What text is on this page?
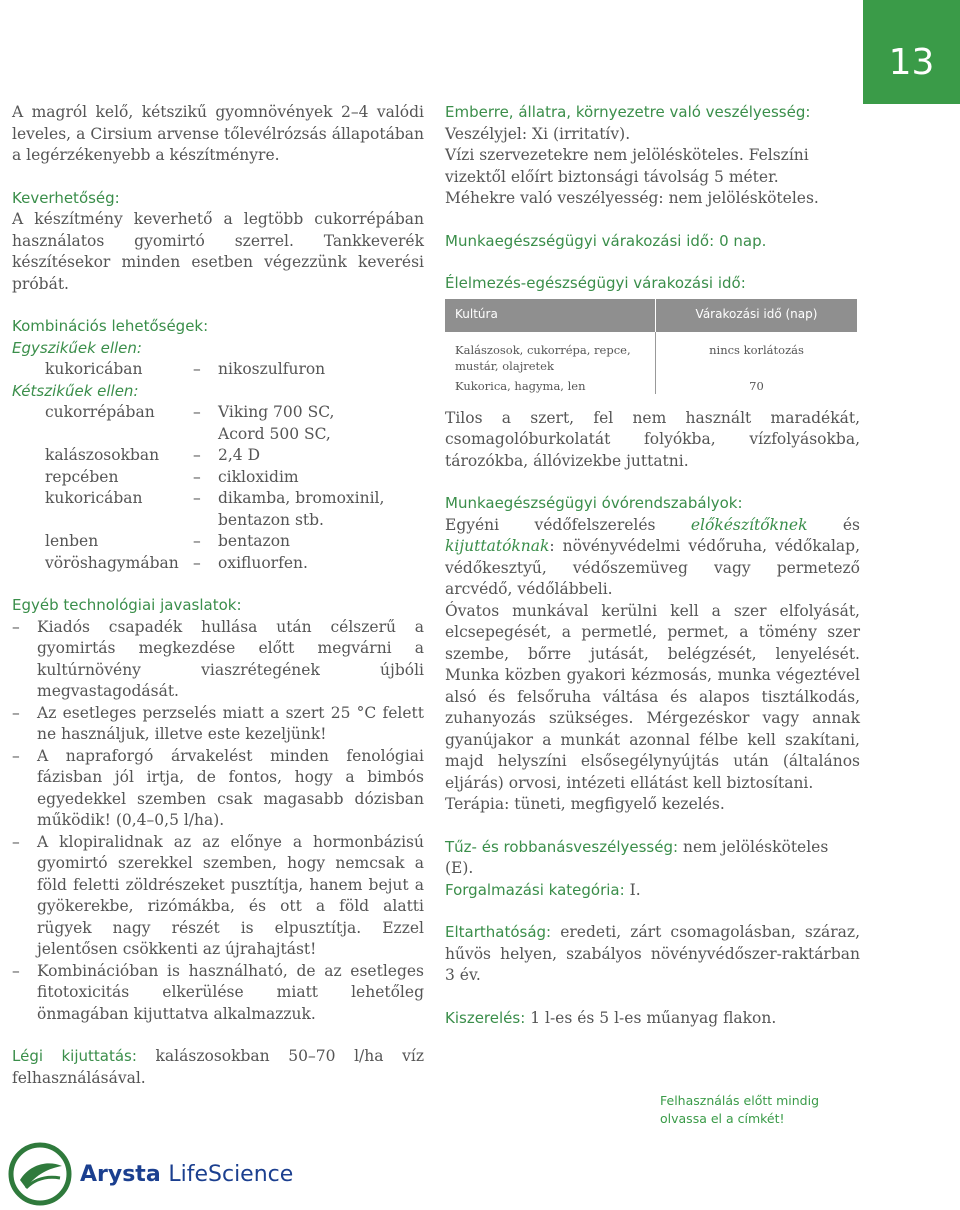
13
A magról kelő, kétszikű gyomnövények 2–4 valódi leveles, a Cirsium arvense tőlevélrózsás állapotában a legérzékenyebb a készítményre.
Keverhetőség:
A készítmény keverhető a legtöbb cukorrépában használatos gyomirtó szerrel. Tankkeverék készítésekor minden esetben végezzünk keverési próbát.
Kombinációs lehetőségek:
Egyszikűek ellen:
kukoricában	–	nikoszulfuron
Kétszikűek ellen:
cukorrépában	–	Viking 700 SC,
Acord 500 SC,
kalászosokban	–	2,4 D
repcében	–	cikloxidim
kukoricában	–	dikamba, bromoxinil,
bentazon stb.
lenben	–	bentazon
vöröshagymában –	oxifluorfen.
Egyéb technológiai javaslatok:
–	Kiadós csapadék hullása után célszerű a gyomirtás megkezdése előtt megvárni a kultúrnövény viaszrétegének újbóli megvastagodását.
–	Az esetleges perzselés miatt a szert 25 °C felett ne használjuk, illetve este kezeljünk!
–	A napraforgó árvakelést minden fenológiai fázisban jól irtja, de fontos, hogy a bimbós egyedekkel szemben csak magasabb dózisban működik! (0,4–0,5 l/ha).
–	A klopiralidnak az az előnye a hormonbázisú gyomirtó szerekkel szemben, hogy nemcsak a föld feletti zöldrészeket pusztítja, hanem bejut a gyökerekbe, rizómákba, és ott a föld alatti rügyek nagy részét is elpusztítja. Ezzel jelentősen csökkenti az újrahajtást!
–	Kombinációban is használható, de az esetleges fitotoxicitás elkerülése miatt lehetőleg önmagában kijuttatva alkalmazzuk.
Légi kijuttatás: kalászosokban 50–70 l/ha víz felhasználásával.
Emberre, állatra, környezetre való veszélyesség:
Veszélyjel: Xi (irritatív).
Vízi szervezetekre nem jelölésköteles. Felszíni vizektől előírt biztonsági távolság 5 méter.
Méhekre való veszélyesség: nem jelölésköteles.
Munkaegészségügyi várakozási idő: 0 nap.
Élelmezés-egészségügyi várakozási idő:
Kultúra	Várakozási idő (nap)
Kalászosok, cukorrépa, repce, mustár, olajretek	nincs korlátozás
Kukorica, hagyma, len	70
Tilos a szert, fel nem használt maradékát, csomagolóburkolatát folyókba, vízfolyásokba, tározókba, állóvizekbe juttatni.
Munkaegészségügyi óvórendszabályok:
Egyéni védőfelszerelés előkészítőknek és kijuttatóknak: növényvédelmi védőruha, védőkalap, védőkesztyű, védőszemüveg vagy permetező arcvédő, védőlábbeli.
Óvatos munkával kerülni kell a szer elfolyását, elcsepegését, a permetlé, permet, a tömény szer szembe, bőrre jutását, belégzését, lenyelését. Munka közben gyakori kézmosás, munka végeztével alsó és felsőruha váltása és alapos tisztálkodás, zuhanyozás szükséges. Mérgezéskor vagy annak gyanújakor a munkát azonnal félbe kell szakítani, majd helyszíni elsősegélynyújtás után (általános eljárás) orvosi, intézeti ellátást kell biztosítani.
Terápia: tüneti, megfigyelő kezelés.
Tűz- és robbanásveszélyesség: nem jelölésköteles (E).
Forgalmazási kategória: I.
Eltarthatóság: eredeti, zárt csomagolásban, száraz, hűvös helyen, szabályos növényvédőszer-raktárban 3 év.
Kiszerelés: 1 l-es és 5 l-es műanyag flakon.
Felhasználás előtt mindig
olvassa el a címkét!
Arysta LifeScience
